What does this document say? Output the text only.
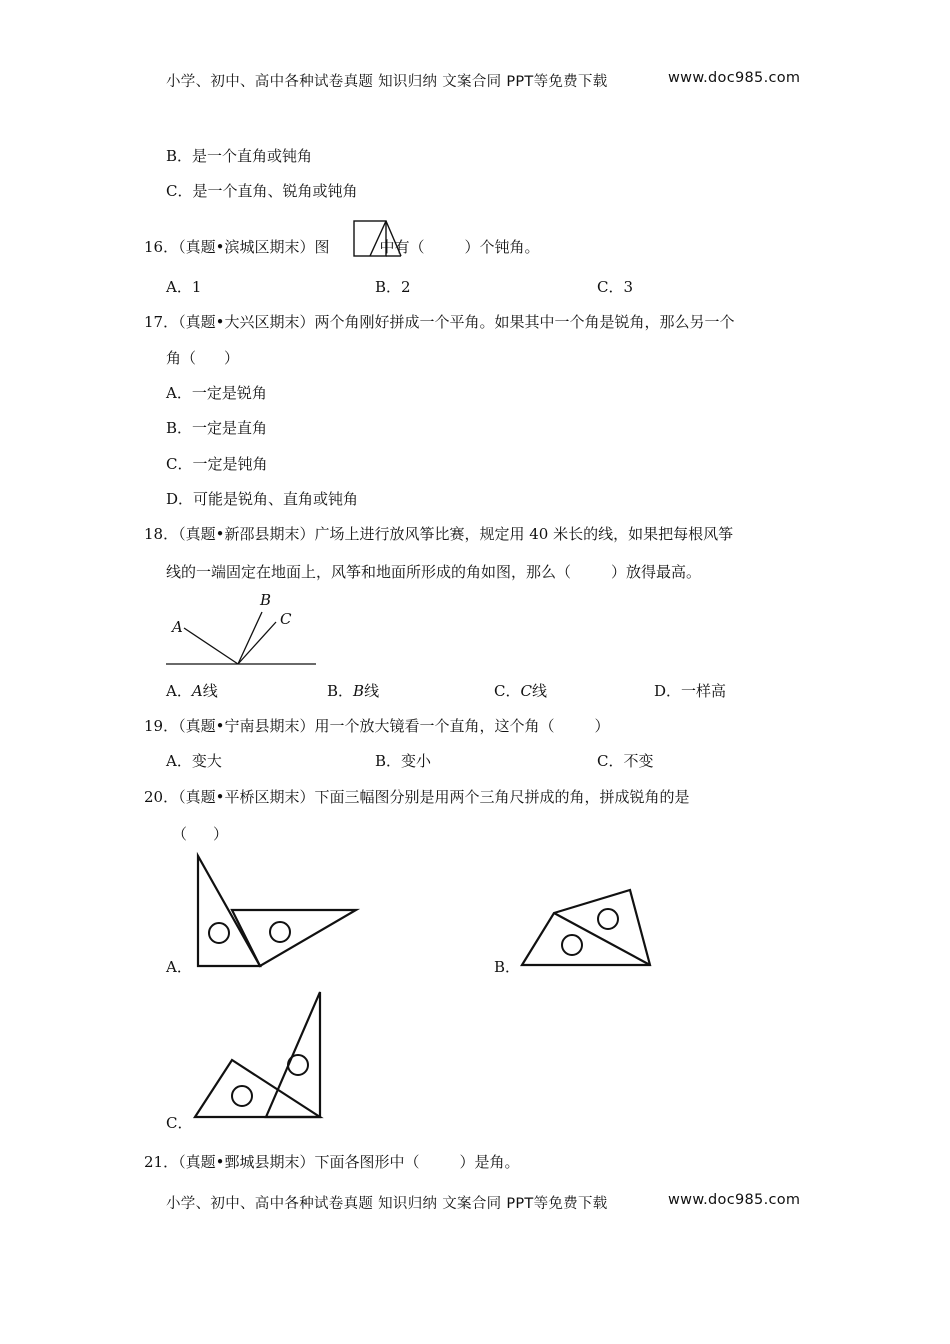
小学、初中、高中各种试卷真题 知识归纳 文案合同 PPT等免费下载	www.doc985.com
B．是一个直角或钝角
C．是一个直角、锐角或钝角
16．（真题•滨城区期末）图	中有（	）个钝角。
A．1	B．2	C．3
17．（真题•大兴区期末）两个角刚好拼成一个平角。如果其中一个角是锐角，那么另一个
角（ ）
A．一定是锐角
B．一定是直角
C．一定是钝角
D．可能是锐角、直角或钝角
18．（真题•新邵县期末）广场上进行放风筝比赛，规定用 40 米长的线，如果把每根风筝
线的一端固定在地面上，风筝和地面所形成的角如图，那么（	）放得最高。
A
B
C
A．A线	B．B线	C．C线	D．一样高
19．（真题•宁南县期末）用一个放大镜看一个直角，这个角（	）
A．变大	B．变小	C．不变
20．（真题•平桥区期末）下面三幅图分别是用两个三角尺拼成的角，拼成锐角的是
（ ）
A．	B．
C．
21．（真题•鄄城县期末）下面各图形中（	）是角。
小学、初中、高中各种试卷真题 知识归纳 文案合同 PPT等免费下载	www.doc985.com
